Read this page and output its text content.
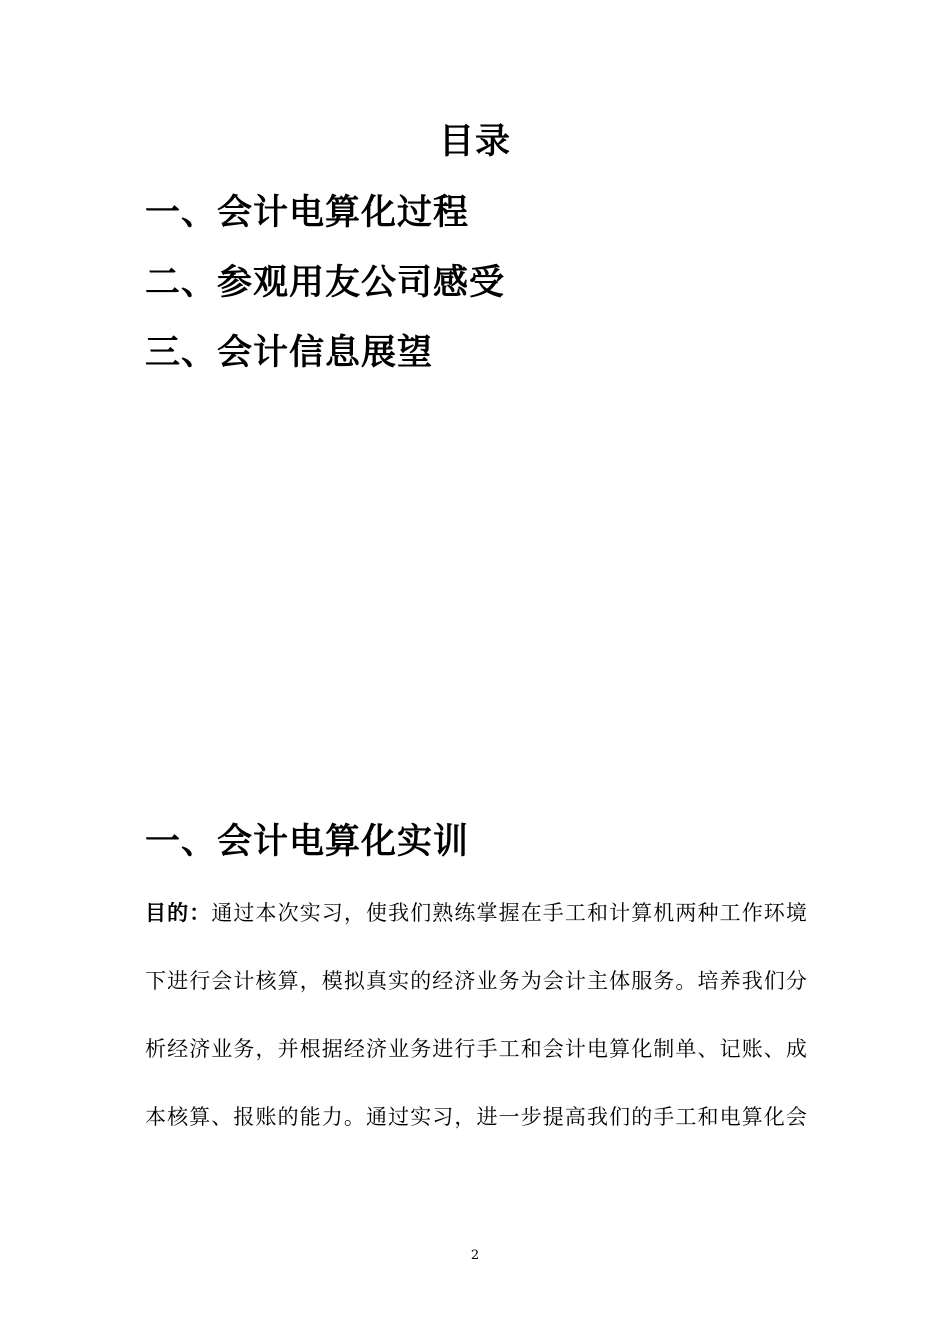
目录
一、会计电算化过程
二、参观用友公司感受
三、会计信息展望
一、会计电算化实训
目的：通过本次实习，使我们熟练掌握在手工和计算机两种工作环境
下进行会计核算，模拟真实的经济业务为会计主体服务。培养我们分
析经济业务，并根据经济业务进行手工和会计电算化制单、记账、成
本核算、报账的能力。通过实习，进一步提高我们的手工和电算化会
2
